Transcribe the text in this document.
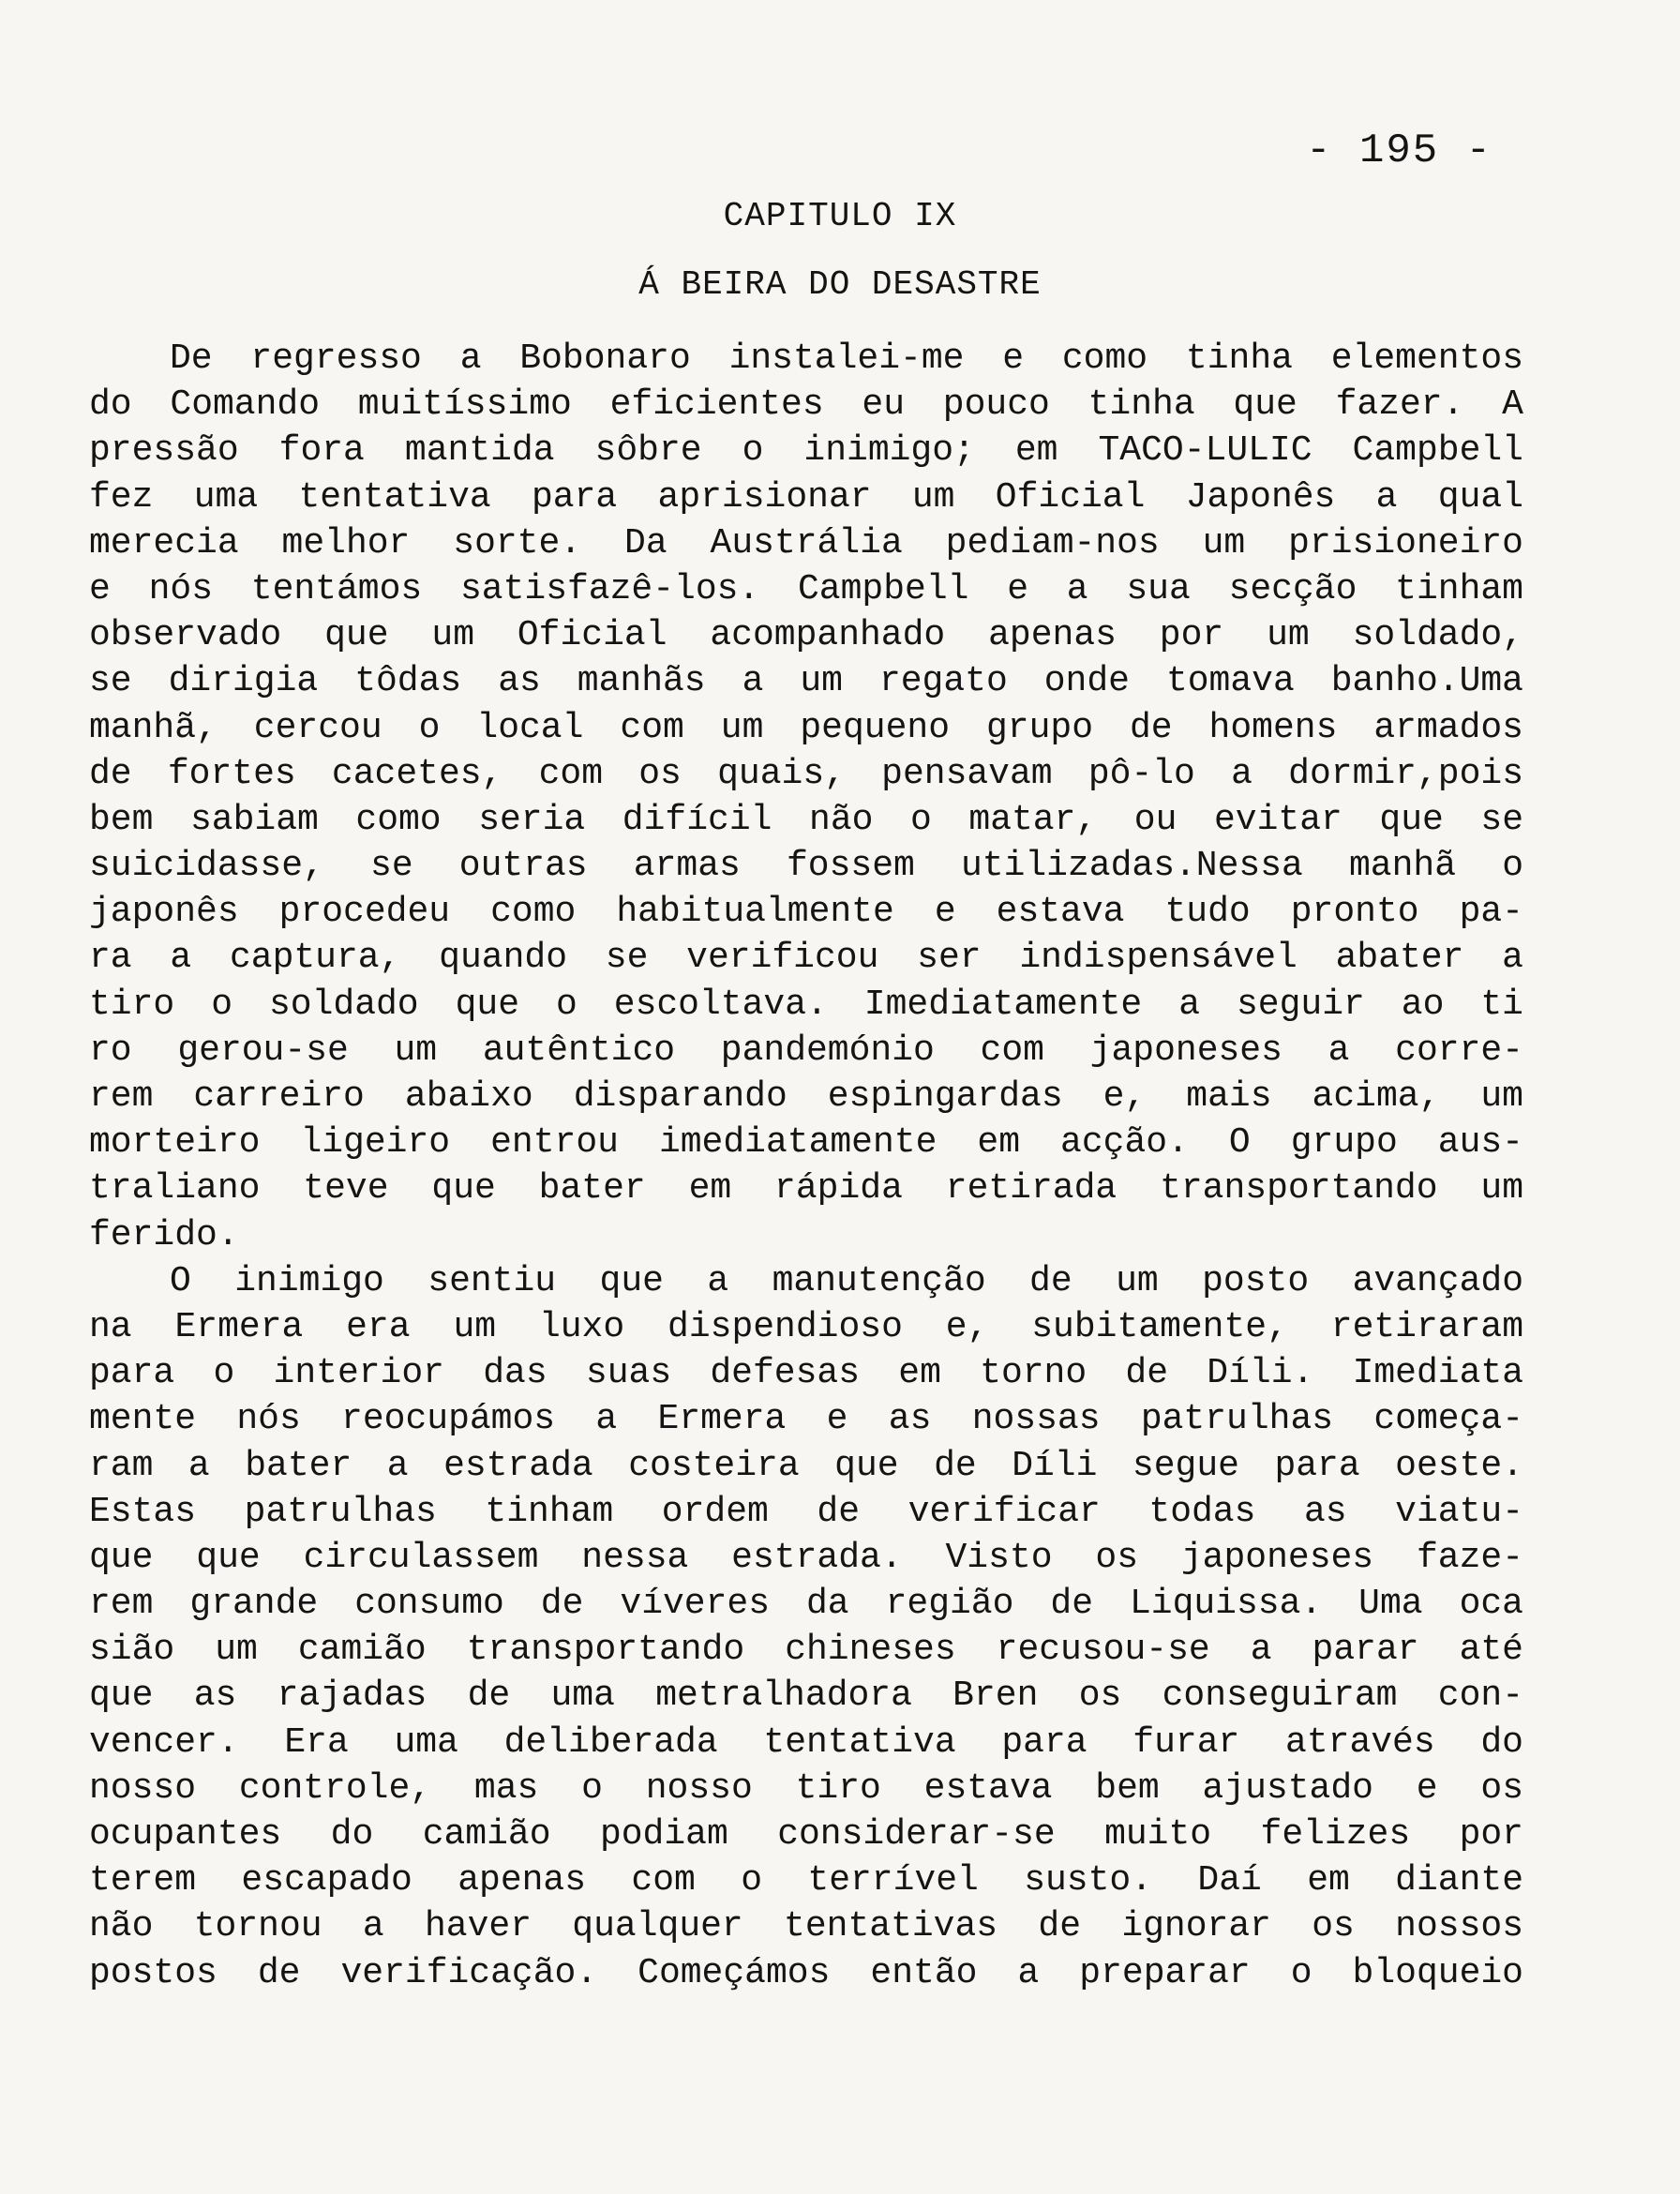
- 195 -
CAPITULO IX
Á BEIRA DO DESASTRE
De regresso a Bobonaro instalei-me e como tinha elementos
do Comando muitíssimo eficientes eu pouco tinha que fazer. A
pressão fora mantida sôbre o inimigo; em TACO-LULIC Campbell
fez uma tentativa para aprisionar um Oficial Japonês a qual
merecia melhor sorte. Da Austrália pediam-nos um prisioneiro
e nós tentámos satisfazê-los. Campbell e a sua secção tinham
observado que um Oficial acompanhado apenas por um soldado,
se dirigia tôdas as manhãs a um regato onde tomava banho.Uma
manhã, cercou o local com um pequeno grupo de homens armados
de fortes cacetes, com os quais, pensavam pô-lo a dormir,pois
bem sabiam como seria difícil não o matar, ou evitar que se
suicidasse, se outras armas fossem utilizadas.Nessa manhã o
japonês procedeu como habitualmente e estava tudo pronto pa-
ra a captura, quando se verificou ser indispensável abater a
tiro o soldado que o escoltava. Imediatamente a seguir ao ti
ro gerou-se um autêntico pandemónio com japoneses a corre-
rem carreiro abaixo disparando espingardas e, mais acima, um
morteiro ligeiro entrou imediatamente em acção. O grupo aus-
traliano teve que bater em rápida retirada transportando um
ferido.
O inimigo sentiu que a manutenção de um posto avançado
na Ermera era um luxo dispendioso e, subitamente, retiraram
para o interior das suas defesas em torno de Díli. Imediata
mente nós reocupámos a Ermera e as nossas patrulhas começa-
ram a bater a estrada costeira que de Díli segue para oeste.
Estas patrulhas tinham ordem de verificar todas as viatu-
que que circulassem nessa estrada. Visto os japoneses faze-
rem grande consumo de víveres da região de Liquissa. Uma oca
sião um camião transportando chineses recusou-se a parar até
que as rajadas de uma metralhadora Bren os conseguiram con-
vencer. Era uma deliberada tentativa para furar através do
nosso controle, mas o nosso tiro estava bem ajustado e os
ocupantes do camião podiam considerar-se muito felizes por
terem escapado apenas com o terrível susto. Daí em diante
não tornou a haver qualquer tentativas de ignorar os nossos
postos de verificação. Começámos então a preparar o bloqueio
